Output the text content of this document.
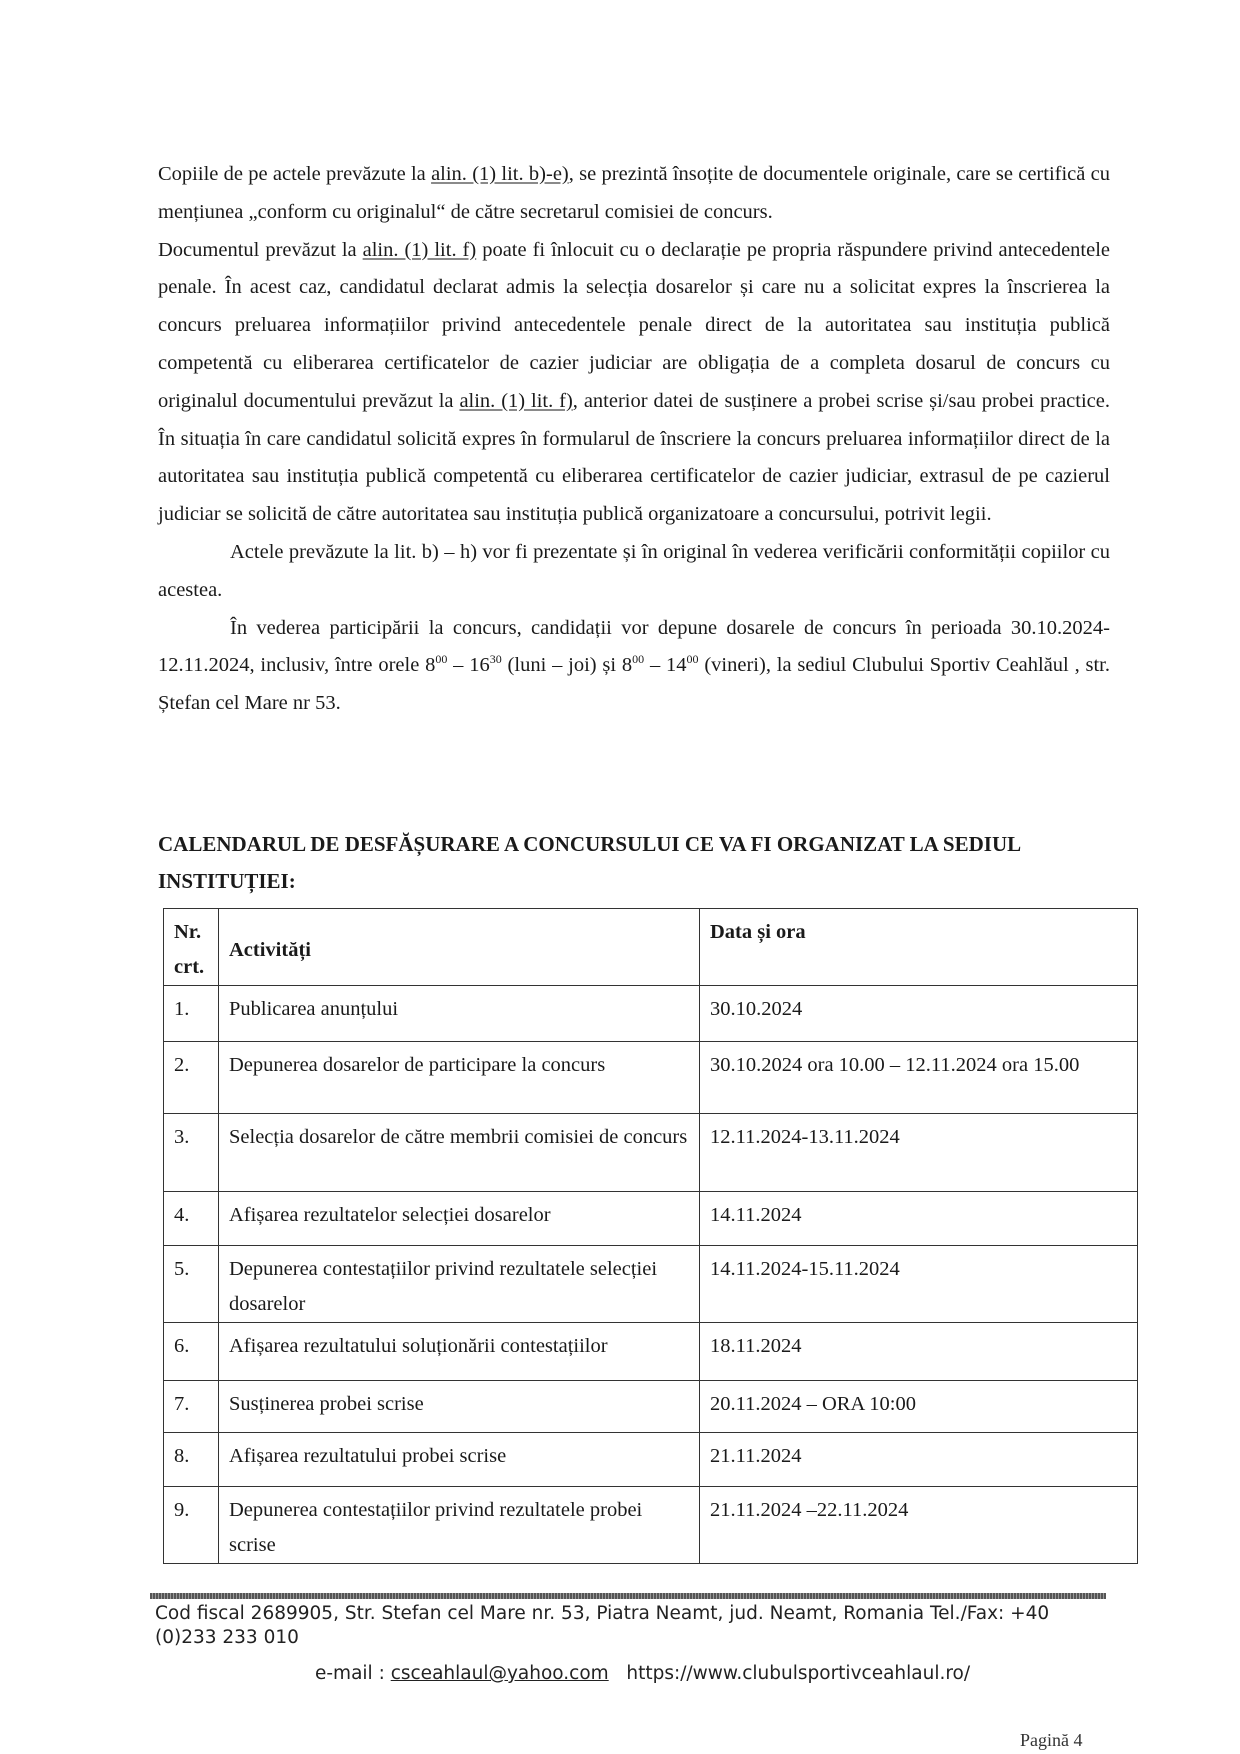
Copiile de pe actele prevăzute la alin. (1) lit. b)-e), se prezintă însoțite de documentele originale, care se certifică cu mențiunea „conform cu originalul“ de către secretarul comisiei de concurs.

Documentul prevăzut la alin. (1) lit. f) poate fi înlocuit cu o declarație pe propria răspundere privind antecedentele penale. În acest caz, candidatul declarat admis la selecția dosarelor și care nu a solicitat expres la înscrierea la concurs preluarea informațiilor privind antecedentele penale direct de la autoritatea sau instituția publică competentă cu eliberarea certificatelor de cazier judiciar are obligația de a completa dosarul de concurs cu originalul documentului prevăzut la alin. (1) lit. f), anterior datei de susținere a probei scrise și/sau probei practice. În situația în care candidatul solicită expres în formularul de înscriere la concurs preluarea informațiilor direct de la autoritatea sau instituția publică competentă cu eliberarea certificatelor de cazier judiciar, extrasul de pe cazierul judiciar se solicită de către autoritatea sau instituția publică organizatoare a concursului, potrivit legii.

Actele prevăzute la lit. b) – h) vor fi prezentate și în original în vederea verificării conformității copiilor cu acestea.

În vederea participării la concurs, candidații vor depune dosarele de concurs în perioada 30.10.2024-12.11.2024, inclusiv, între orele $8^{00} - 16^{30}$ (luni – joi) și $8^{00} - 14^{00}$ (vineri), la sediul Clubului Sportiv Ceahlăul , str. Ștefan cel Mare nr 53.

CALENDARUL DE DESFĂȘURARE A CONCURSULUI CE VA FI ORGANIZAT LA SEDIUL INSTITUȚIEI:
Nr. crt.	Activități	Data și ora
1.	Publicarea anunțului	30.10.2024
2.	Depunerea dosarelor de participare la concurs	30.10.2024 ora 10.00 – 12.11.2024 ora 15.00
3.	Selecția dosarelor de către membrii comisiei de concurs	12.11.2024-13.11.2024
4.	Afișarea rezultatelor selecției dosarelor	14.11.2024
5.	Depunerea contestațiilor privind rezultatele selecției dosarelor	14.11.2024-15.11.2024
6.	Afișarea rezultatului soluționării contestațiilor	18.11.2024
7.	Susținerea probei scrise	20.11.2024 – ORA 10:00
8.	Afișarea rezultatului probei scrise	21.11.2024
9.	Depunerea contestațiilor privind rezultatele probei scrise	21.11.2024 –22.11.2024
Cod fiscal 2689905, Str. Stefan cel Mare nr. 53, Piatra Neamt, jud. Neamt, Romania Tel./Fax: +40 (0)233 233 010
e-mail : csceahlaul@yahoo.com https://www.clubulsportivceahlaul.ro/
Pagină 4
